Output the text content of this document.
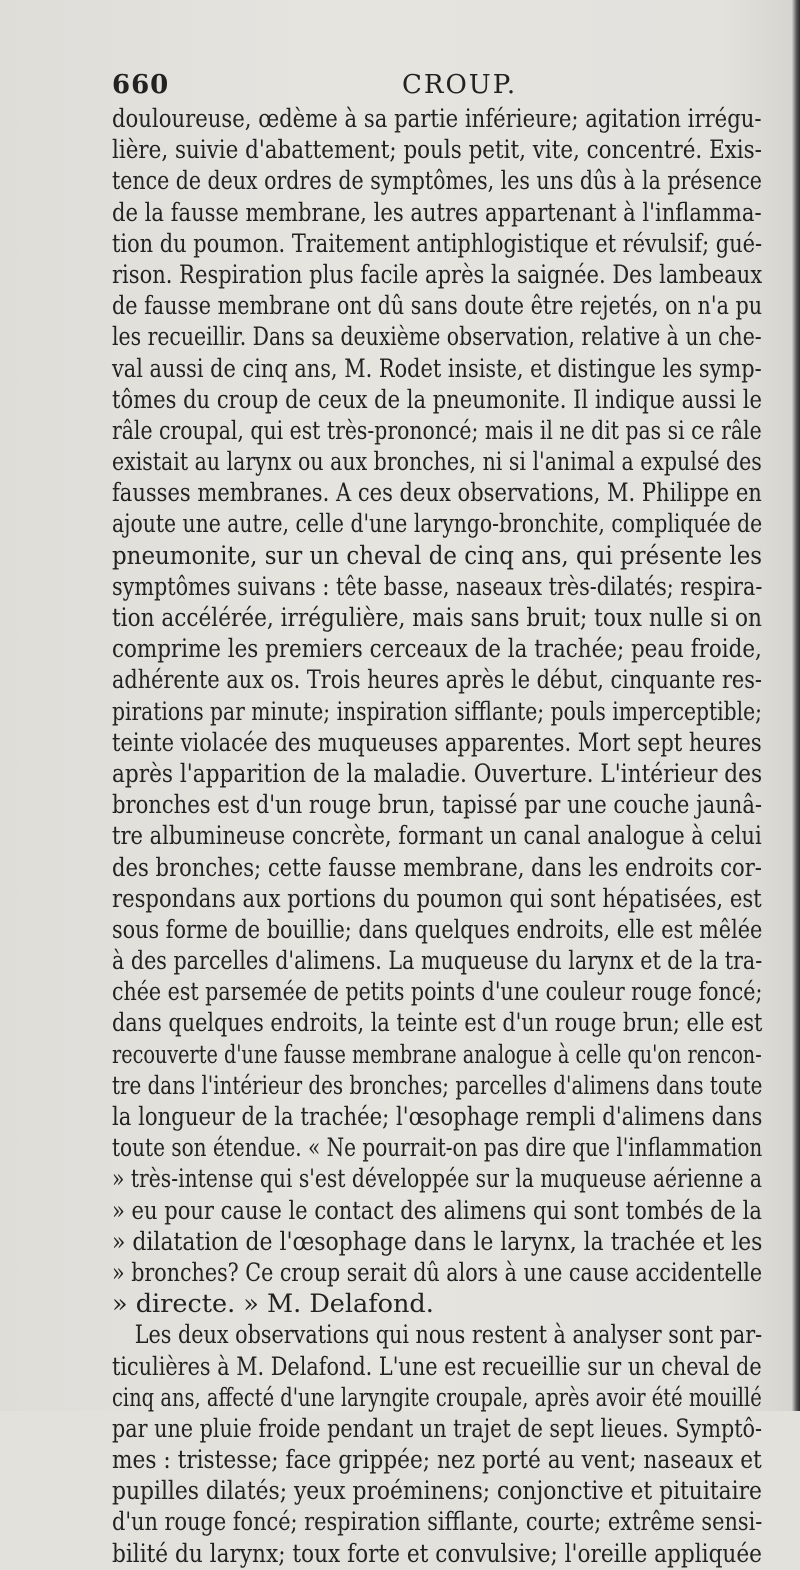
660	CROUP.
douloureuse, œdème à sa partie inférieure; agitation irrégu-
lière, suivie d'abattement; pouls petit, vite, concentré. Exis-
tence de deux ordres de symptômes, les uns dûs à la présence
de la fausse membrane, les autres appartenant à l'inflamma-
tion du poumon. Traitement antiphlogistique et révulsif; gué-
rison. Respiration plus facile après la saignée. Des lambeaux
de fausse membrane ont dû sans doute être rejetés, on n'a pu
les recueillir. Dans sa deuxième observation, relative à un che-
val aussi de cinq ans, M. Rodet insiste, et distingue les symp-
tômes du croup de ceux de la pneumonite. Il indique aussi le
râle croupal, qui est très-prononcé; mais il ne dit pas si ce râle
existait au larynx ou aux bronches, ni si l'animal a expulsé des
fausses membranes. A ces deux observations, M. Philippe en
ajoute une autre, celle d'une laryngo-bronchite, compliquée de
pneumonite, sur un cheval de cinq ans, qui présente les
symptômes suivans : tête basse, naseaux très-dilatés; respira-
tion accélérée, irrégulière, mais sans bruit; toux nulle si on
comprime les premiers cerceaux de la trachée; peau froide,
adhérente aux os. Trois heures après le début, cinquante res-
pirations par minute; inspiration sifflante; pouls imperceptible;
teinte violacée des muqueuses apparentes. Mort sept heures
après l'apparition de la maladie. Ouverture. L'intérieur des
bronches est d'un rouge brun, tapissé par une couche jaunâ-
tre albumineuse concrète, formant un canal analogue à celui
des bronches; cette fausse membrane, dans les endroits cor-
respondans aux portions du poumon qui sont hépatisées, est
sous forme de bouillie; dans quelques endroits, elle est mêlée
à des parcelles d'alimens. La muqueuse du larynx et de la tra-
chée est parsemée de petits points d'une couleur rouge foncé;
dans quelques endroits, la teinte est d'un rouge brun; elle est
recouverte d'une fausse membrane analogue à celle qu'on rencon-
tre dans l'intérieur des bronches; parcelles d'alimens dans toute
la longueur de la trachée; l'œsophage rempli d'alimens dans
toute son étendue. « Ne pourrait-on pas dire que l'inflammation
» très-intense qui s'est développée sur la muqueuse aérienne a
» eu pour cause le contact des alimens qui sont tombés de la
» dilatation de l'œsophage dans le larynx, la trachée et les
» bronches? Ce croup serait dû alors à une cause accidentelle
» directe. » M. Delafond.
Les deux observations qui nous restent à analyser sont par-
ticulières à M. Delafond. L'une est recueillie sur un cheval de
cinq ans, affecté d'une laryngite croupale, après avoir été mouillé
par une pluie froide pendant un trajet de sept lieues. Symptô-
mes : tristesse; face grippée; nez porté au vent; naseaux et
pupilles dilatés; yeux proéminens; conjonctive et pituitaire
d'un rouge foncé; respiration sifflante, courte; extrême sensi-
bilité du larynx; toux forte et convulsive; l'oreille appliquée
